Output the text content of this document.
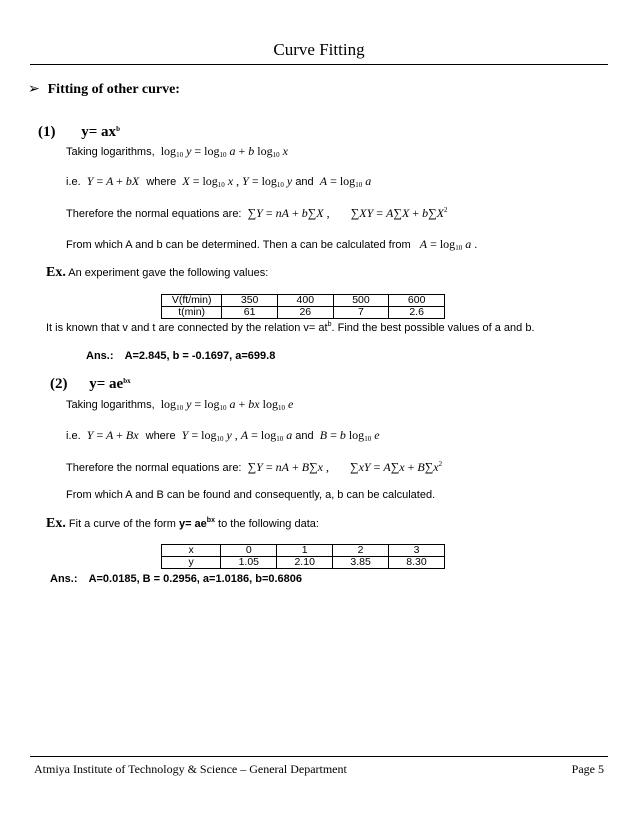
Curve Fitting
➢ Fitting of other curve:
(1) $y= ax^b$
Taking logarithms,  $\log_{10} y = \log_{10} a + b$ $\log_{10} x$
i.e.  Y = A + bX where $X = \log_{10} x$ , $Y = \log_{10} y$ and $A = \log_{10} a$
Therefore the normal equations are:  ∑Y = nA + b∑X , $\sum XY = A\sum X + b\sum X^2$
From which A and b can be determined. Then a can be calculated from $A = \log_{10} a$ .
Ex. An experiment gave the following values:
V(ft/min)	350	400	500	600
t(min)	61	26	7	2.6
It is known that v and t are connected by the relation $v= at^b$. Find the best possible values of a and b.
Ans.: A=2.845, b = -0.1697, a=699.8
(2) $y= ae^{bx}$
Taking logarithms,  $\log_{10} y = \log_{10} a$ + bx $\log_{10} e$
i.e.  Y = A + Bx where $Y = \log_{10} y$ , $A = \log_{10} a$ and B = b $\log_{10} e$
Therefore the normal equations are:  ∑Y = nA + B∑x , $\sum xY = A\sum x + B\sum x^2$
From which A and B can be found and consequently, a, b can be calculated.
Ex. Fit a curve of the form $y= ae^{bx}$ to the following data:
x	0	1	2	3
y	1.05	2.10	3.85	8.30
Ans.: A=0.0185, B = 0.2956, a=1.0186, b=0.6806
Atmiya Institute of Technology & Science – General Department	Page 5
